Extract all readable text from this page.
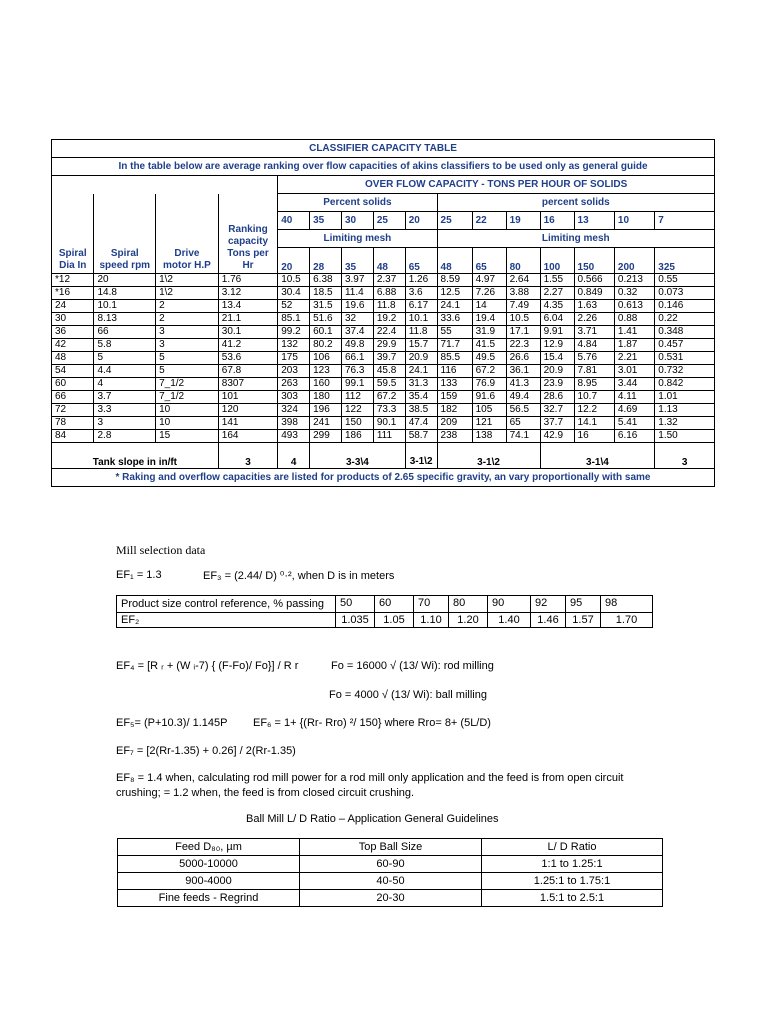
CLASSIFIER CAPACITY TABLE															
In the table below are average ranking over flow capacities of akins classifiers to be used only as general guide															
				OVER FLOW CAPACITY - TONS PER HOUR OF SOLIDS											
				Percent solids					percent solids						
	Spiral speed rpm	Drive motor H.P	Ranking capacity Tons per Hr	40	35	30	25	20	25	22	19	16	13	10	7
				Limiting mesh					Limiting mesh						
Spiral Dia In				20	28	35	48	65	48	65	80	100	150	200	325
*12	20	1\2	1.76	10.5	6.38	3.97	2.37	1.26	8.59	4.97	2.64	1.55	0.566	0.213	0.55
*16	14.8	1\2	3.12	30.4	18.5	11.4	6.88	3.6	12.5	7.26	3.88	2.27	0.849	0.32	0.073
24	10.1	2	13.4	52	31.5	19.6	11.8	6.17	24.1	14	7.49	4.35	1.63	0.613	0.146
30	8.13	2	21.1	85.1	51.6	32	19.2	10.1	33.6	19.4	10.5	6.04	2.26	0.88	0.22
36	66	3	30.1	99.2	60.1	37.4	22.4	11.8	55	31.9	17.1	9.91	3.71	1.41	0.348
42	5.8	3	41.2	132	80.2	49.8	29.9	15.7	71.7	41.5	22.3	12.9	4.84	1.87	0.457
48	5	5	53.6	175	106	66.1	39.7	20.9	85.5	49.5	26.6	15.4	5.76	2.21	0.531
54	4.4	5	67.8	203	123	76.3	45.8	24.1	116	67.2	36.1	20.9	7.81	3.01	0.732
60	4	7_1/2	8307	263	160	99.1	59.5	31.3	133	76.9	41.3	23.9	8.95	3.44	0.842
66	3.7	7_1/2	101	303	180	112	67.2	35.4	159	91.6	49.4	28.6	10.7	4.11	1.01
72	3.3	10	120	324	196	122	73.3	38.5	182	105	56.5	32.7	12.2	4.69	1.13
78	3	10	141	398	241	150	90.1	47.4	209	121	65	37.7	14.1	5.41	1.32
84	2.8	15	164	493	299	186	111	58.7	238	138	74.1	42.9	16	6.16	1.50
Tank slope in in/ft			3	4	3-3\4			3-1\2	3-1\2			3-1\4			3
* Raking and overflow capacities are listed for products of 2.65 specific gravity, an vary proportionally with same															
Mill selection data
EF₁ = 1.3	EF₃ = (2.44/ D) ⁰·², when D is in meters
Product size control reference, % passing	50	60	70	80	90	92	95	98
EF₂	1.035	1.05	1.10	1.20	1.40	1.46	1.57	1.70
EF₄ = [R ᵣ + (W ᵢ-7) { (F-Fo)/ Fo}] / R r	Fo = 16000 √ (13/ Wi): rod milling
Fo = 4000 √ (13/ Wi): ball milling
EF₅= (P+10.3)/ 1.145P EF₆ = 1+ {(Rr- Rro) ²/ 150} where Rro= 8+ (5L/D)
EF₇ = [2(Rr-1.35) + 0.26] / 2(Rr-1.35)
EF₈ = 1.4 when, calculating rod mill power for a rod mill only application and the feed is from open circuit crushing; = 1.2 when, the feed is from closed circuit crushing.
Ball Mill L/ D Ratio – Application General Guidelines
Feed D₈₀, µm	Top Ball Size	L/ D Ratio
5000-10000	60-90	1:1 to 1.25:1
900-4000	40-50	1.25:1 to 1.75:1
Fine feeds - Regrind	20-30	1.5:1 to 2.5:1
